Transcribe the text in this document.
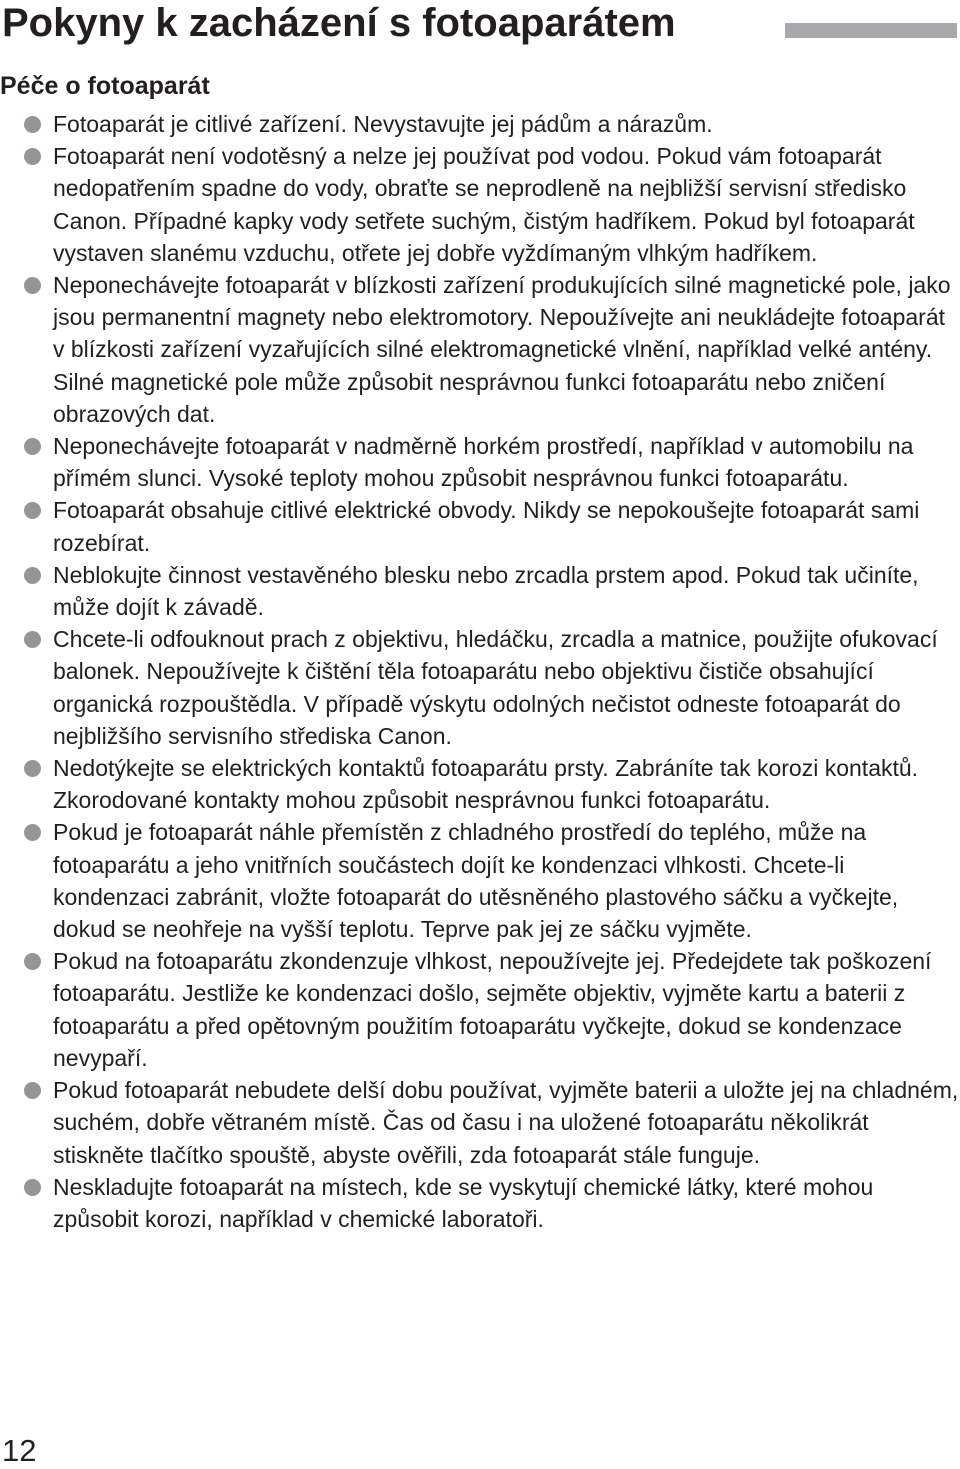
Pokyny k zacházení s fotoaparátem
Péče o fotoaparát
Fotoaparát je citlivé zařízení. Nevystavujte jej pádům a nárazům.
Fotoaparát není vodotěsný a nelze jej používat pod vodou. Pokud vám fotoaparát nedopatřením spadne do vody, obraťte se neprodleně na nejbližší servisní středisko Canon. Případné kapky vody setřete suchým, čistým hadříkem. Pokud byl fotoaparát vystaven slanému vzduchu, otřete jej dobře vyždímaným vlhkým hadříkem.
Neponechávejte fotoaparát v blízkosti zařízení produkujících silné magnetické pole, jako jsou permanentní magnety nebo elektromotory. Nepoužívejte ani neukládejte fotoaparát v blízkosti zařízení vyzařujících silné elektromagnetické vlnění, například velké antény. Silné magnetické pole může způsobit nesprávnou funkci fotoaparátu nebo zničení obrazových dat.
Neponechávejte fotoaparát v nadměrně horkém prostředí, například v automobilu na přímém slunci. Vysoké teploty mohou způsobit nesprávnou funkci fotoaparátu.
Fotoaparát obsahuje citlivé elektrické obvody. Nikdy se nepokoušejte fotoaparát sami rozebírat.
Neblokujte činnost vestavěného blesku nebo zrcadla prstem apod. Pokud tak učiníte, může dojít k závadě.
Chcete-li odfouknout prach z objektivu, hledáčku, zrcadla a matnice, použijte ofukovací balonek. Nepoužívejte k čištění těla fotoaparátu nebo objektivu čističe obsahující organická rozpouštědla. V případě výskytu odolných nečistot odneste fotoaparát do nejbližšího servisního střediska Canon.
Nedotýkejte se elektrických kontaktů fotoaparátu prsty. Zabráníte tak korozi kontaktů. Zkorodované kontakty mohou způsobit nesprávnou funkci fotoaparátu.
Pokud je fotoaparát náhle přemístěn z chladného prostředí do teplého, může na fotoaparátu a jeho vnitřních součástech dojít ke kondenzaci vlhkosti. Chcete-li kondenzaci zabránit, vložte fotoaparát do utěsněného plastového sáčku a vyčkejte, dokud se neohřeje na vyšší teplotu. Teprve pak jej ze sáčku vyjměte.
Pokud na fotoaparátu zkondenzuje vlhkost, nepoužívejte jej. Předejdete tak poškození fotoaparátu. Jestliže ke kondenzaci došlo, sejměte objektiv, vyjměte kartu a baterii z fotoaparátu a před opětovným použitím fotoaparátu vyčkejte, dokud se kondenzace nevypaří.
Pokud fotoaparát nebudete delší dobu používat, vyjměte baterii a uložte jej na chladném, suchém, dobře větraném místě. Čas od času i na uložené fotoaparátu několikrát stiskněte tlačítko spouště, abyste ověřili, zda fotoaparát stále funguje.
Neskladujte fotoaparát na místech, kde se vyskytují chemické látky, které mohou způsobit korozi, například v chemické laboratoři.
12
